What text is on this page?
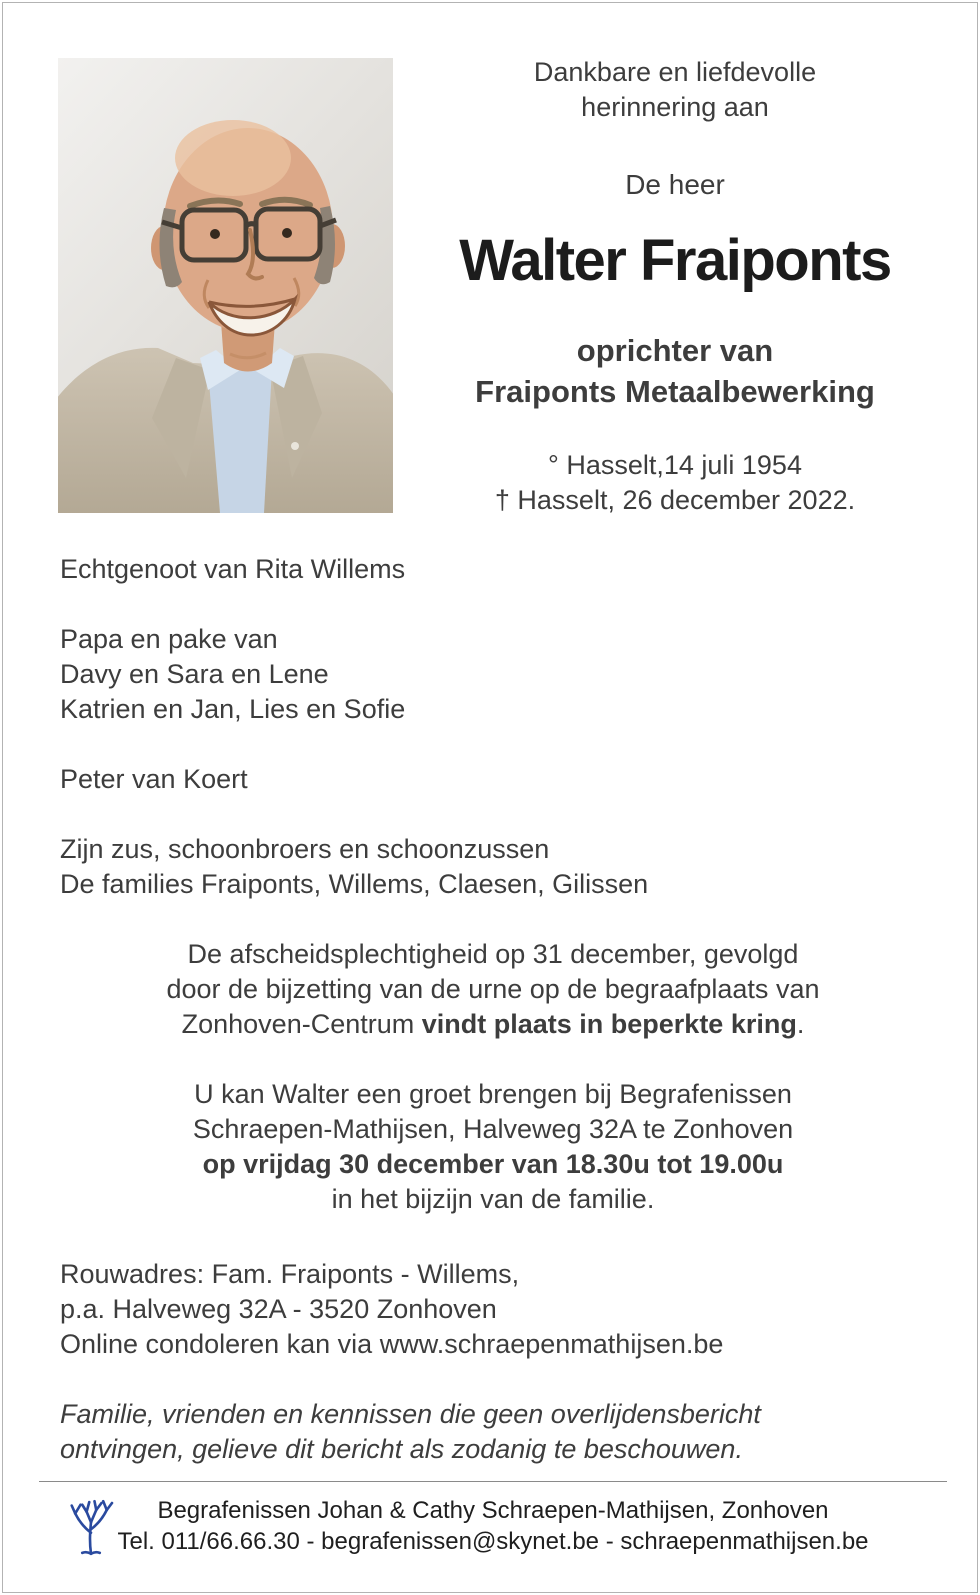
Dankbare en liefdevolle
herinnering aan
De heer
Walter Fraiponts
oprichter van
Fraiponts Metaalbewerking
° Hasselt,14 juli 1954
† Hasselt, 26 december 2022.

Echtgenoot van Rita Willems

Papa en pake van
Davy en Sara en Lene
Katrien en Jan, Lies en Sofie

Peter van Koert

Zijn zus, schoonbroers en schoonzussen
De families Fraiponts, Willems, Claesen, Gilissen
De afscheidsplechtigheid op 31 december, gevolgd
door de bijzetting van de urne op de begraafplaats van
Zonhoven-Centrum vindt plaats in beperkte kring.
U kan Walter een groet brengen bij Begrafenissen
Schraepen-Mathijsen, Halveweg 32A te Zonhoven
op vrijdag 30 december van 18.30u tot 19.00u
in het bijzijn van de familie.
Rouwadres: Fam. Fraiponts - Willems,
p.a. Halveweg 32A - 3520 Zonhoven
Online condoleren kan via www.schraepenmathijsen.be
Familie, vrienden en kennissen die geen overlijdensbericht
ontvingen, gelieve dit bericht als zodanig te beschouwen.
Begrafenissen Johan & Cathy Schraepen-Mathijsen, Zonhoven
Tel. 011/66.66.30 - begrafenissen@skynet.be - schraepenmathijsen.be
